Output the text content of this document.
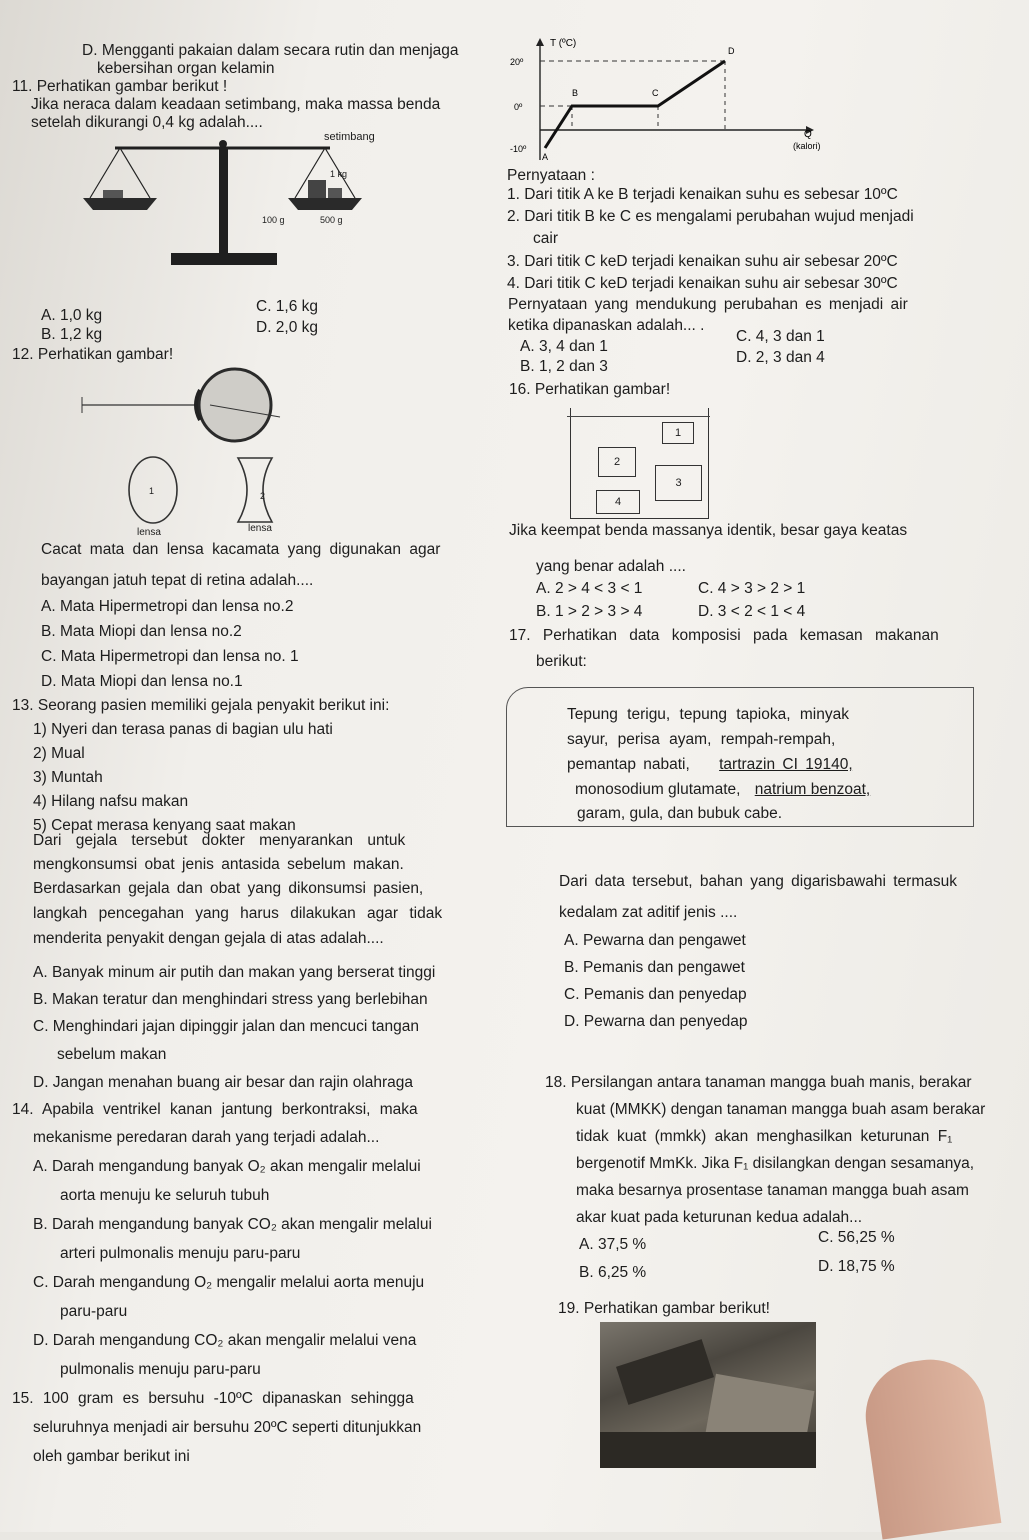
D. Mengganti pakaian dalam secara rutin dan menjaga
kebersihan organ kelamin
11. Perhatikan gambar berikut !
Jika neraca dalam keadaan setimbang, maka massa benda
setelah dikurangi 0,4 kg adalah....
setimbang
1 kg
100 g	500 g
A. 1,0 kg
B. 1,2 kg
C. 1,6 kg
D. 2,0 kg
12. Perhatikan gambar!
1	2
lensa	lensa
Cacat mata dan lensa kacamata yang digunakan agar
bayangan jatuh tepat di retina adalah....
A. Mata Hipermetropi dan lensa no.2
B. Mata Miopi dan lensa no.2
C. Mata Hipermetropi dan lensa no. 1
D. Mata Miopi dan lensa no.1
13. Seorang pasien memiliki gejala penyakit berikut ini:
1) Nyeri dan terasa panas di bagian ulu hati
2) Mual
3) Muntah
4) Hilang nafsu makan
5) Cepat merasa kenyang saat makan
Dari gejala tersebut dokter menyarankan untuk
mengkonsumsi obat jenis antasida sebelum makan.
Berdasarkan gejala dan obat yang dikonsumsi pasien,
langkah pencegahan yang harus dilakukan agar tidak
menderita penyakit dengan gejala di atas adalah....
A. Banyak minum air putih dan makan yang berserat tinggi
B. Makan teratur dan menghindari stress yang berlebihan
C. Menghindari jajan dipinggir jalan dan mencuci tangan
sebelum makan
D. Jangan menahan buang air besar dan rajin olahraga
14. Apabila ventrikel kanan jantung berkontraksi, maka
mekanisme peredaran darah yang terjadi adalah...
A. Darah mengandung banyak O₂ akan mengalir melalui
aorta menuju ke seluruh tubuh
B. Darah mengandung banyak CO₂ akan mengalir melalui
arteri pulmonalis menuju paru-paru
C. Darah mengandung O₂ mengalir melalui aorta menuju
paru-paru
D. Darah mengandung CO₂ akan mengalir melalui vena
pulmonalis menuju paru-paru
15. 100 gram es bersuhu -10ºC dipanaskan sehingga
seluruhnya menjadi air bersuhu 20ºC seperti ditunjukkan
oleh gambar berikut ini
T (ºC)
20º
0º
-10º
A
B	C
D
Q
(kalori)
Pernyataan :
1. Dari titik A ke B terjadi kenaikan suhu es sebesar 10ºC
2. Dari titik B ke C es mengalami perubahan wujud menjadi
cair
3. Dari titik C keD terjadi kenaikan suhu air sebesar 20ºC
4. Dari titik C keD terjadi kenaikan suhu air sebesar 30ºC
Pernyataan yang mendukung perubahan es menjadi air
ketika dipanaskan adalah... .
A. 3, 4 dan 1
B. 1, 2 dan 3
C. 4, 3 dan 1
D. 2, 3 dan 4
16. Perhatikan gambar!
1
2
3
4
Jika keempat benda massanya identik, besar gaya keatas
yang benar adalah ....
A. 2 > 4 < 3 < 1
B. 1 > 2 > 3 > 4
C. 4 > 3 > 2 > 1
D. 3 < 2 < 1 < 4
17. Perhatikan data komposisi pada kemasan makanan
berikut:
Tepung terigu, tepung tapioka, minyak
sayur, perisa ayam, rempah-rempah,
pemantap nabati, tartrazin CI 19140,
monosodium glutamate, natrium benzoat,
garam, gula, dan bubuk cabe.
Dari data tersebut, bahan yang digarisbawahi termasuk
kedalam zat aditif jenis ....
A. Pewarna dan pengawet
B. Pemanis dan pengawet
C. Pemanis dan penyedap
D. Pewarna dan penyedap
18. Persilangan antara tanaman mangga buah manis, berakar
kuat (MMKK) dengan tanaman mangga buah asam berakar
tidak kuat (mmkk) akan menghasilkan keturunan F₁
bergenotif MmKk. Jika F₁ disilangkan dengan sesamanya,
maka besarnya prosentase tanaman mangga buah asam
akar kuat pada keturunan kedua adalah...
A. 37,5 %
B. 6,25 %
C. 56,25 %
D. 18,75 %
19. Perhatikan gambar berikut!
